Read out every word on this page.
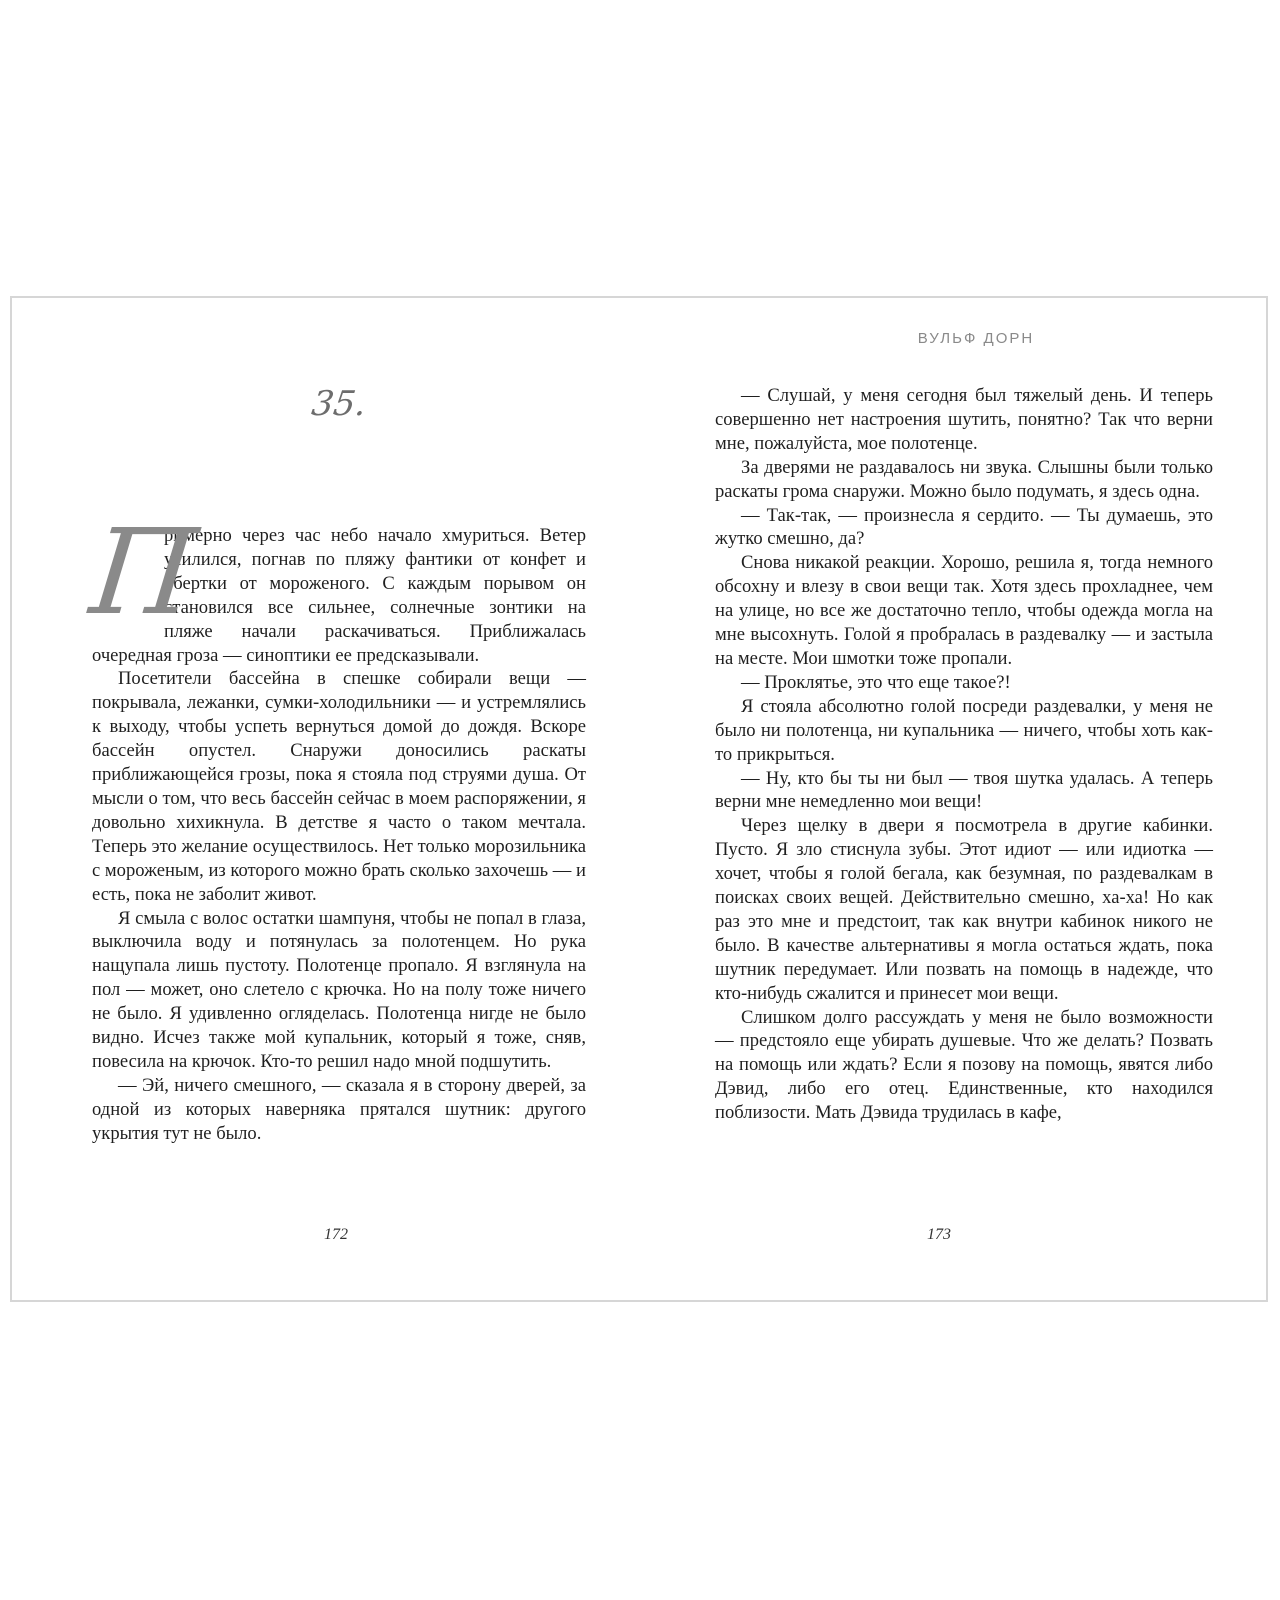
35.

П
римерно через час небо начало хмуриться. Ветер усилился, погнав по пляжу фантики от конфет и обертки от мороженого. С каждым порывом он становился все сильнее, солнечные зонтики на пляже начали раскачиваться. Приближалась очередная гроза — синоптики ее предсказывали.

Посетители бассейна в спешке собирали вещи — покрывала, лежанки, сумки-холодильники — и устремлялись к выходу, чтобы успеть вернуться домой до дождя. Вскоре бассейн опустел. Снаружи доносились раскаты приближающейся грозы, пока я стояла под струями душа. От мысли о том, что весь бассейн сейчас в моем распоряжении, я довольно хихикнула. В детстве я часто о таком мечтала. Теперь это желание осуществилось. Нет только морозильника с мороженым, из которого можно брать сколько захочешь — и есть, пока не заболит живот.

Я смыла с волос остатки шампуня, чтобы не попал в глаза, выключила воду и потянулась за полотенцем. Но рука нащупала лишь пустоту. Полотенце пропало. Я взглянула на пол — может, оно слетело с крючка. Но на полу тоже ничего не было. Я удивленно огляделась. Полотенца нигде не было видно. Исчез также мой купальник, который я тоже, сняв, повесила на крючок. Кто-то решил надо мной подшутить.

— Эй, ничего смешного, — сказала я в сторону дверей, за одной из которых наверняка прятался шутник: другого укрытия тут не было.

172
ВУЛЬФ ДОРН

— Слушай, у меня сегодня был тяжелый день. И теперь совершенно нет настроения шутить, понятно? Так что верни мне, пожалуйста, мое полотенце.

За дверями не раздавалось ни звука. Слышны были только раскаты грома снаружи. Можно было подумать, я здесь одна.

— Так-так, — произнесла я сердито. — Ты думаешь, это жутко смешно, да?

Снова никакой реакции. Хорошо, решила я, тогда немного обсохну и влезу в свои вещи так. Хотя здесь прохладнее, чем на улице, но все же достаточно тепло, чтобы одежда могла на мне высохнуть. Голой я пробралась в раздевалку — и застыла на месте. Мои шмотки тоже пропали.

— Проклятье, это что еще такое?!

Я стояла абсолютно голой посреди раздевалки, у меня не было ни полотенца, ни купальника — ничего, чтобы хоть как-то прикрыться.

— Ну, кто бы ты ни был — твоя шутка удалась. А теперь верни мне немедленно мои вещи!

Через щелку в двери я посмотрела в другие кабинки. Пусто. Я зло стиснула зубы. Этот идиот — или идиотка — хочет, чтобы я голой бегала, как безумная, по раздевалкам в поисках своих вещей. Действительно смешно, ха-ха! Но как раз это мне и предстоит, так как внутри кабинок никого не было. В качестве альтернативы я могла остаться ждать, пока шутник передумает. Или позвать на помощь в надежде, что кто-нибудь сжалится и принесет мои вещи.

Слишком долго рассуждать у меня не было возможности — предстояло еще убирать душевые. Что же делать? Позвать на помощь или ждать? Если я позову на помощь, явятся либо Дэвид, либо его отец. Единственные, кто находился поблизости. Мать Дэвида трудилась в кафе,

173
